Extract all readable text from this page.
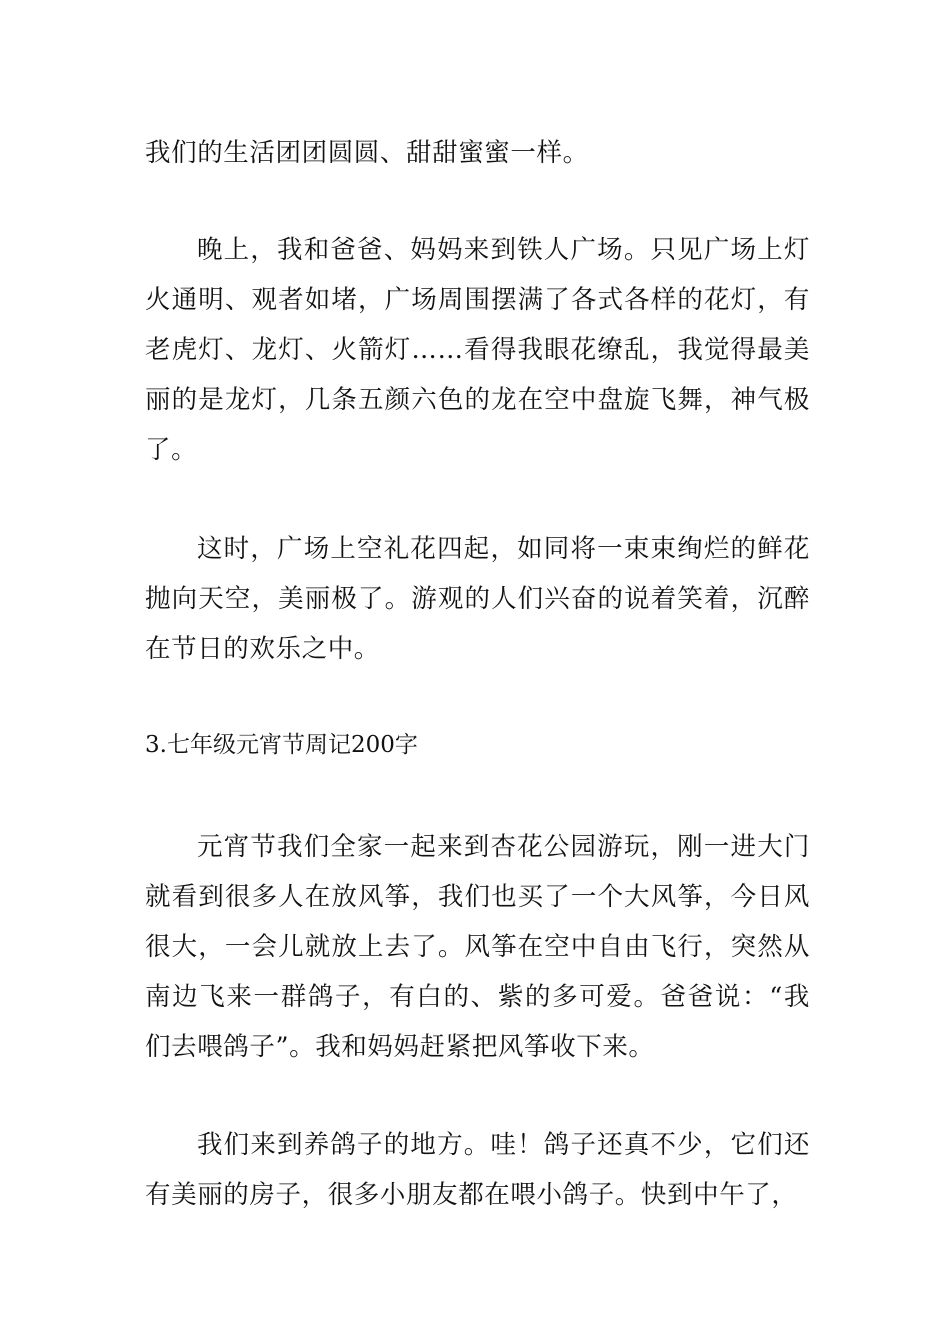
我们的生活团团圆圆、甜甜蜜蜜一样。

晚上，我和爸爸、妈妈来到铁人广场。只见广场上灯火通明、观者如堵，广场周围摆满了各式各样的花灯，有老虎灯、龙灯、火箭灯……看得我眼花缭乱，我觉得最美丽的是龙灯，几条五颜六色的龙在空中盘旋飞舞，神气极了。

这时，广场上空礼花四起，如同将一束束绚烂的鲜花抛向天空，美丽极了。游观的人们兴奋的说着笑着，沉醉在节日的欢乐之中。

3.七年级元宵节周记200字

元宵节我们全家一起来到杏花公园游玩，刚一进大门就看到很多人在放风筝，我们也买了一个大风筝，今日风很大，一会儿就放上去了。风筝在空中自由飞行，突然从南边飞来一群鸽子，有白的、紫的多可爱。爸爸说：“我们去喂鸽子”。我和妈妈赶紧把风筝收下来。

我们来到养鸽子的地方。哇！鸽子还真不少，它们还有美丽的房子，很多小朋友都在喂小鸽子。快到中午了，
